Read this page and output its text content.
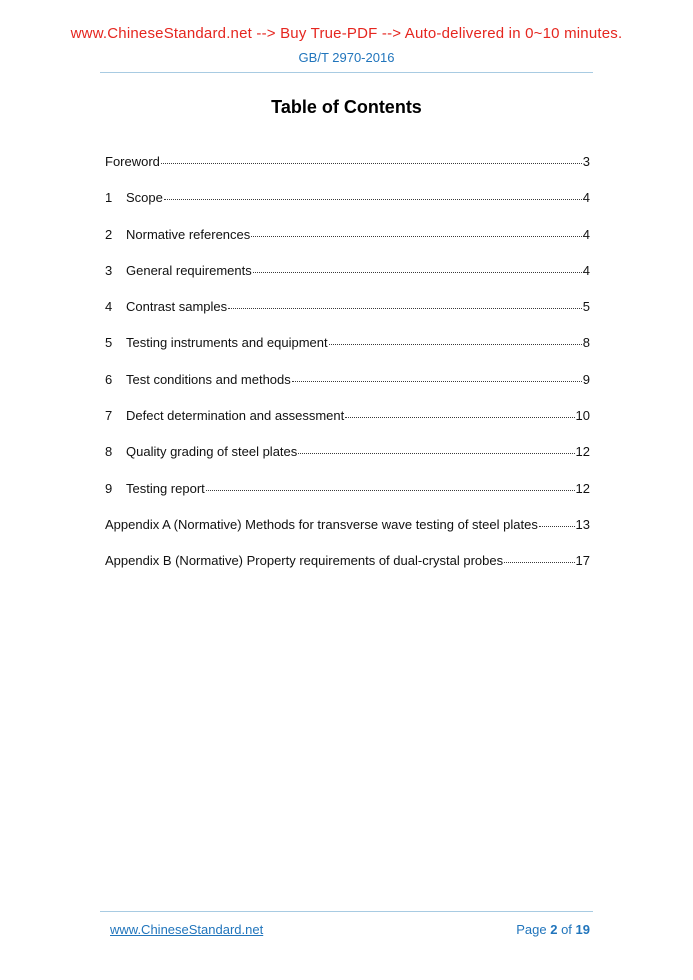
www.ChineseStandard.net --> Buy True-PDF --> Auto-delivered in 0~10 minutes.
GB/T 2970-2016
Table of Contents
Foreword	3
1	Scope	4
2	Normative references	4
3	General requirements	4
4	Contrast samples	5
5	Testing instruments and equipment	8
6	Test conditions and methods	9
7	Defect determination and assessment	10
8	Quality grading of steel plates	12
9	Testing report	12
Appendix A (Normative) Methods for transverse wave testing of steel plates	13
Appendix B (Normative) Property requirements of dual-crystal probes	17
www.ChineseStandard.net	Page 2 of 19
